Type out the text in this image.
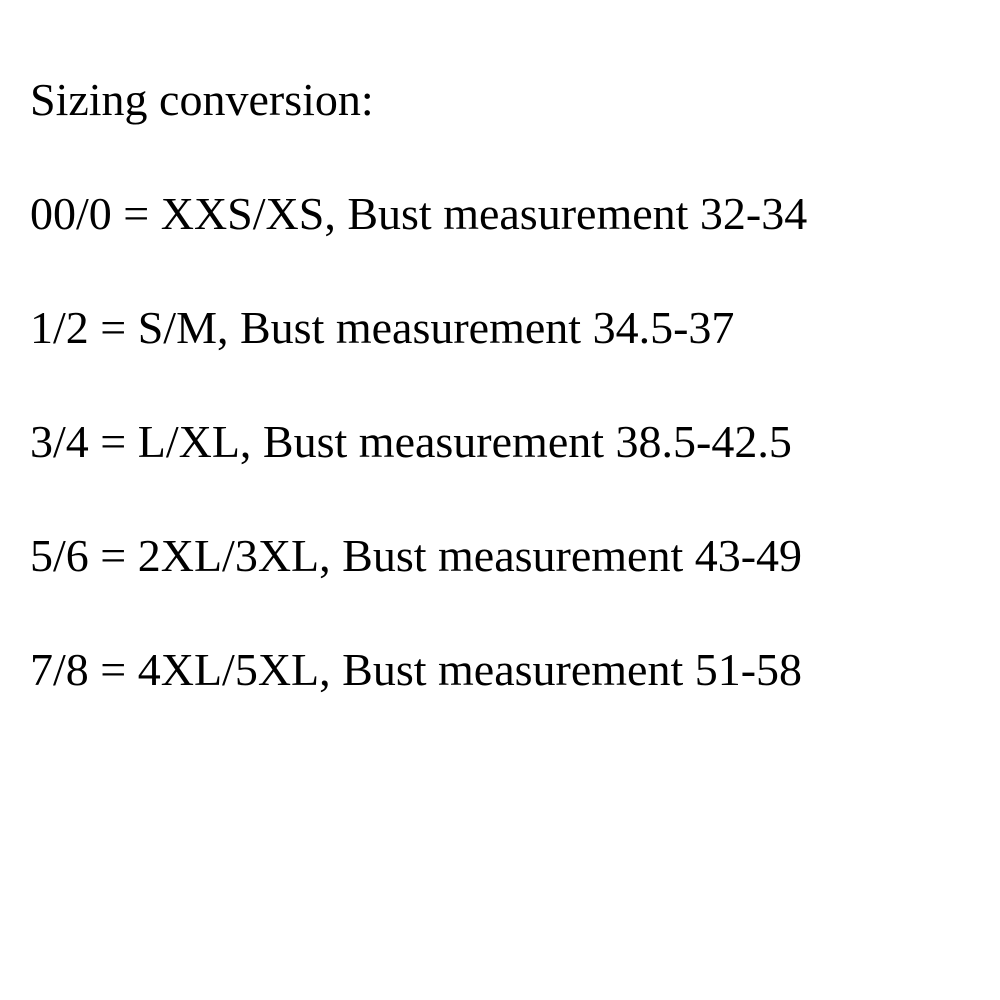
Sizing conversion:

00/0 = XXS/XS, Bust measurement 32-34

1/2 = S/M, Bust measurement 34.5-37

3/4 = L/XL, Bust measurement 38.5-42.5

5/6 = 2XL/3XL, Bust measurement 43-49

7/8 = 4XL/5XL, Bust measurement 51-58
